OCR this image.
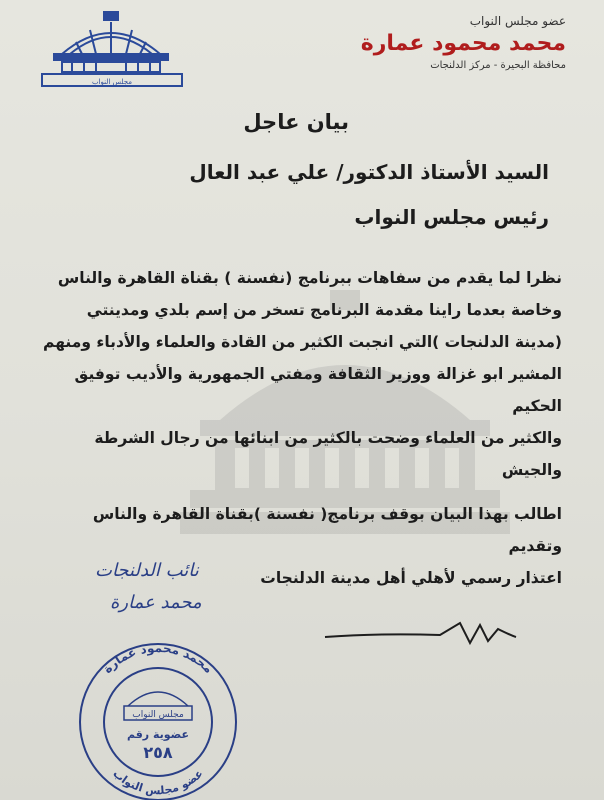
مجلس النواب
عضو مجلس النواب
محمد محمود عمارة
محافظة البحيرة - مركز الدلنجات
بيان عاجل
السيد الأستاذ الدكتور/ علي عبد العال
رئيس مجلس النواب

نظرا لما يقدم من سفاهات ببرنامج (نفسنة ) بقناة القاهرة والناس

وخاصة بعدما راينا مقدمة البرنامج تسخر من إسم بلدي ومدينتي

(مدينة الدلنجات )التي انجبت الكثير من القادة والعلماء والأدباء ومنهم

المشير ابو غزالة ووزير الثقافة ومفتي الجمهورية والأديب توفيق الحكيم

والكثير من العلماء وضحت بالكثير من ابنائها من رجال الشرطة

والجيش

اطالب بهذا البيان بوقف برنامج( نفسنة )بقناة القاهرة والناس وتقديم

اعتذار رسمي لأهلي أهل مدينة الدلنجات

نائب الدلنجات
محمد عمارة
محمد محمود عمارة
عضو مجلس النواب
مجلس النواب
عضوية رقم
٢٥٨
